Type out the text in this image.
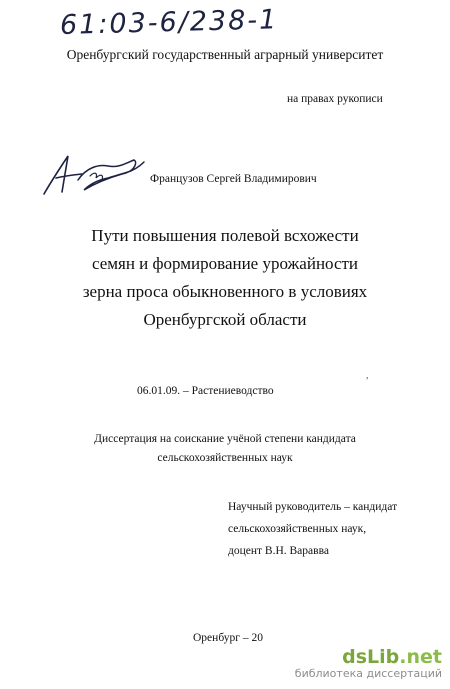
61:03-6/238-1
Оренбургский государственный аграрный университет
на правах рукописи
Французов Сергей Владимирович
Пути повышения полевой всхожести
семян и формирование урожайности
зерна проса обыкновенного в условиях
Оренбургской области
,
06.01.09. – Растениеводство
Диссертация на соискание учёной степени кандидата
сельскохозяйственных наук
Научный руководитель – кандидат
сельскохозяйственных наук,
доцент В.Н. Варавва
Оренбург – 20
dsLib.net
библиотека диссертаций
